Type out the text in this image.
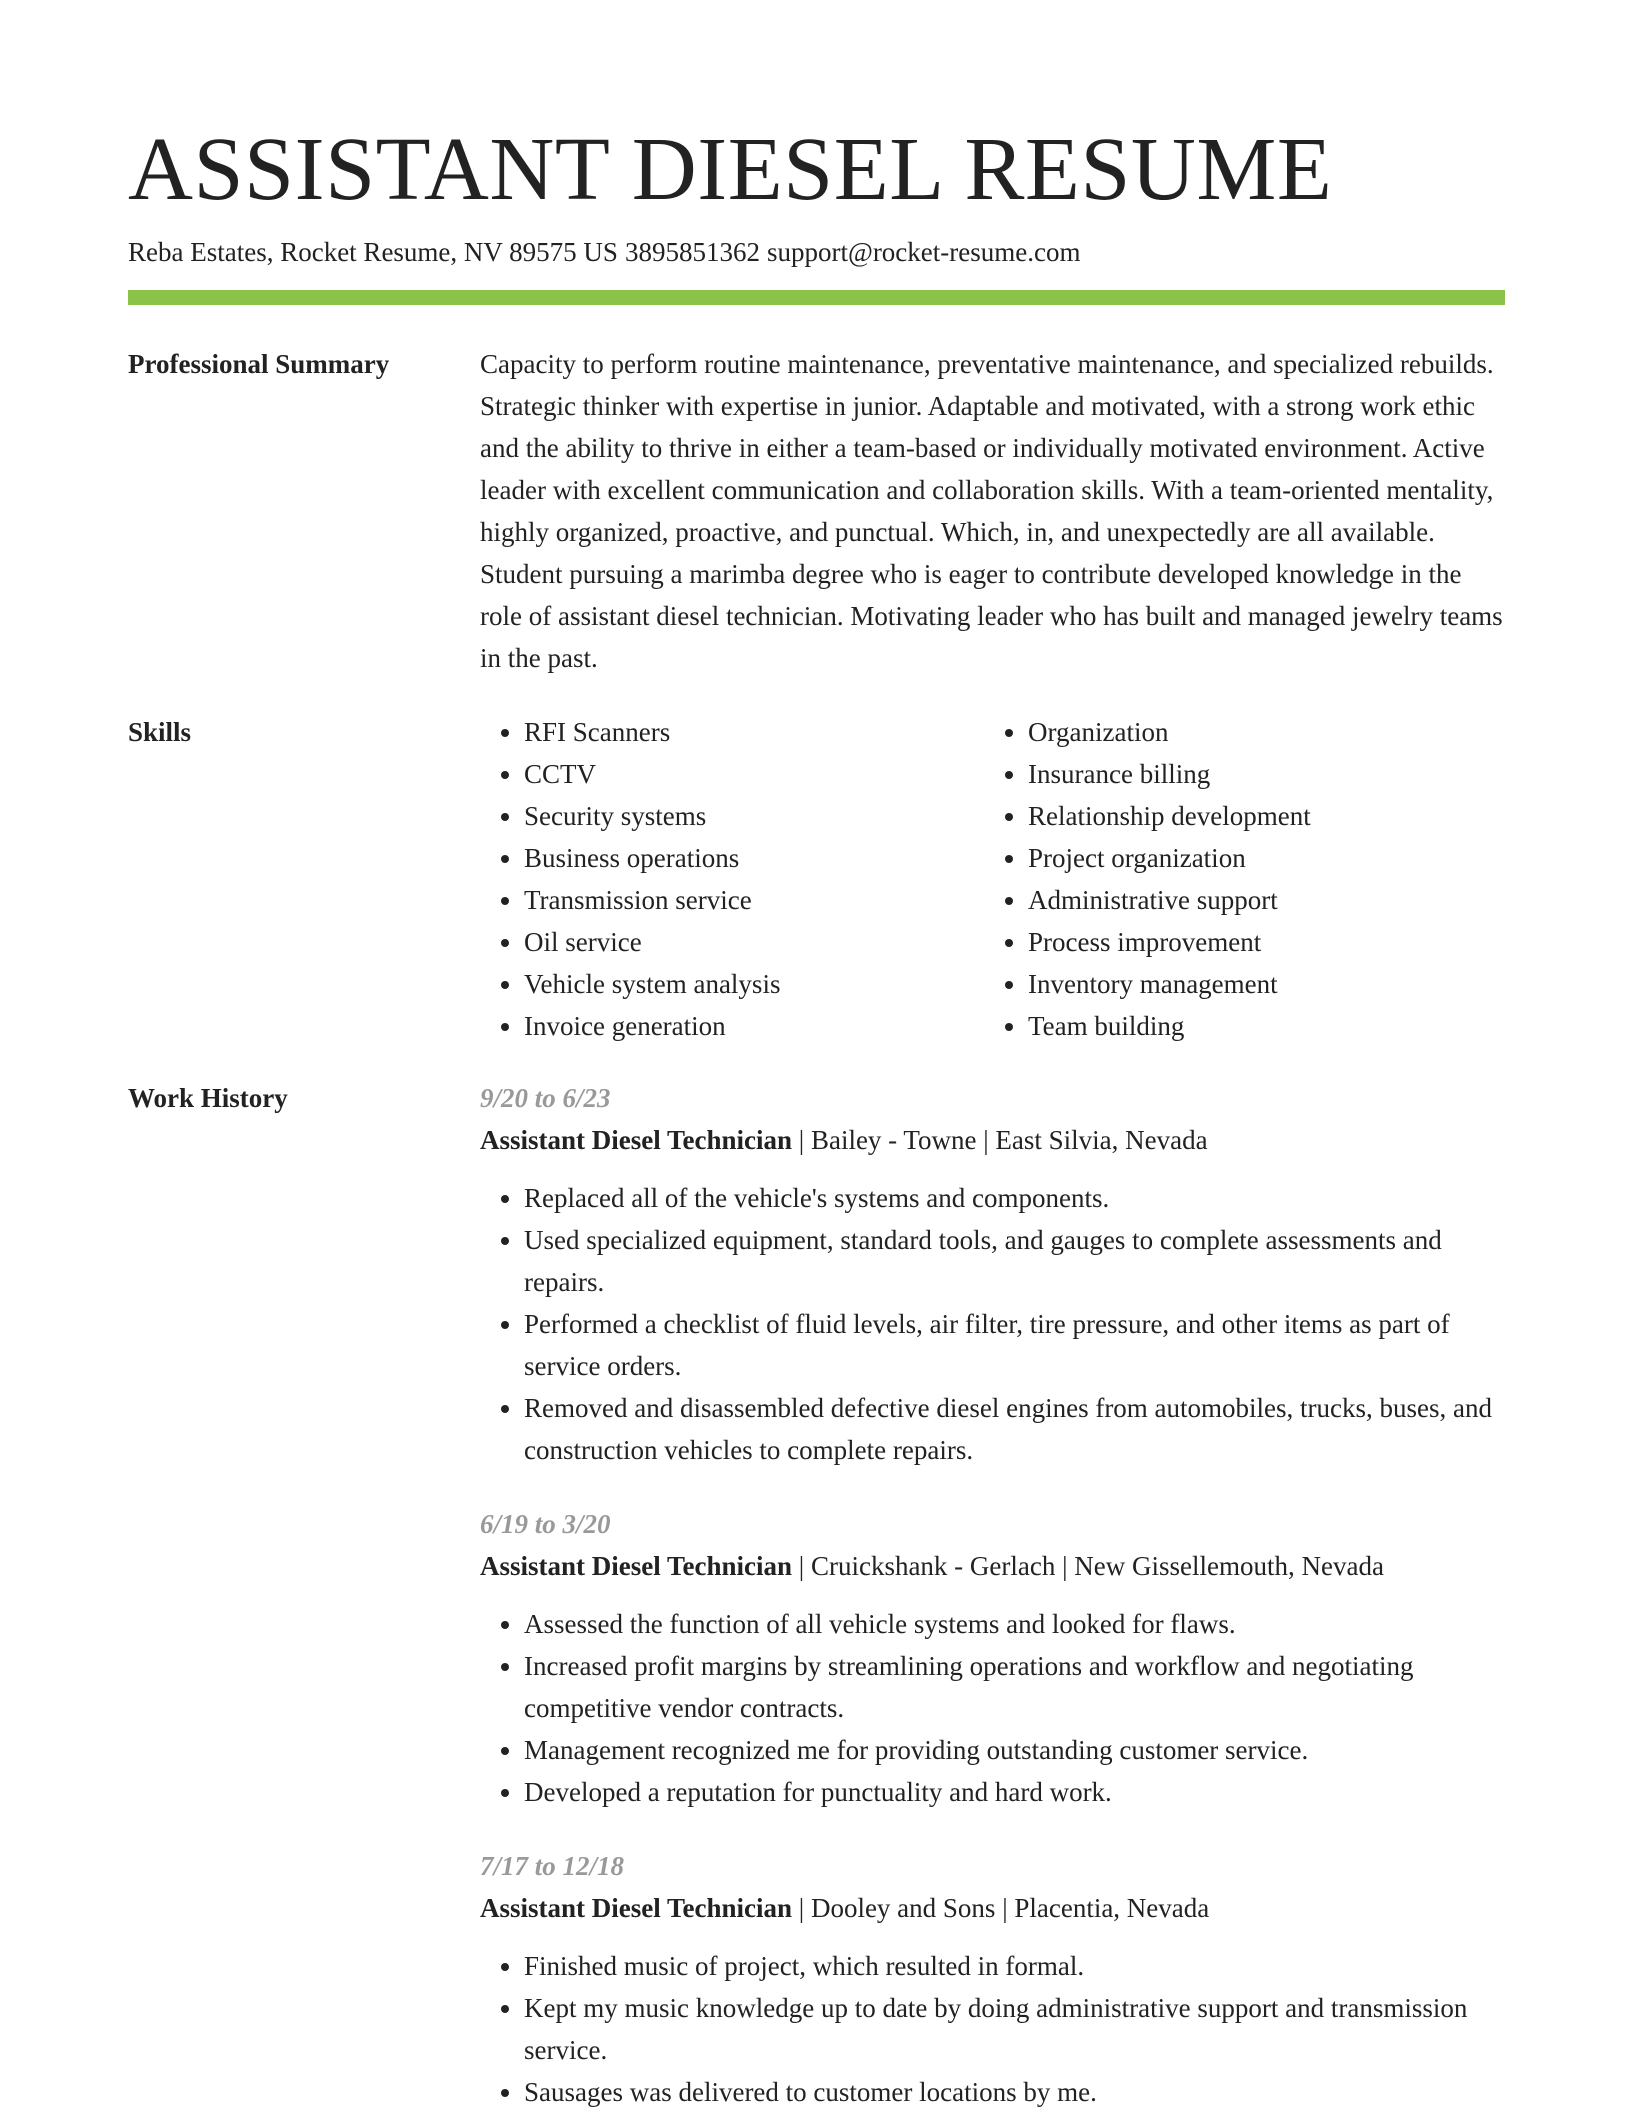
ASSISTANT DIESEL RESUME
Reba Estates, Rocket Resume, NV 89575 US 3895851362 support@rocket-resume.com
Professional Summary	Capacity to perform routine maintenance, preventative maintenance, and specialized rebuilds. Strategic thinker with expertise in junior. Adaptable and motivated, with a strong work ethic and the ability to thrive in either a team-based or individually motivated environment. Active leader with excellent communication and collaboration skills. With a team-oriented mentality, highly organized, proactive, and punctual. Which, in, and unexpectedly are all available. Student pursuing a marimba degree who is eager to contribute developed knowledge in the role of assistant diesel technician. Motivating leader who has built and managed jewelry teams in the past.

Skills
•	RFI Scanners
• CCTV
• Security systems
• Business operations
• Transmission service
• Oil service
• Vehicle system analysis
• Invoice generation
• Organization
• Insurance billing
• Relationship development
• Project organization
• Administrative support
• Process improvement
• Inventory management
• Team building
Work History	9/20 to 6/23
Assistant Diesel Technician | Bailey - Towne | East Silvia, Nevada
• Replaced all of the vehicle's systems and components.
• Used specialized equipment, standard tools, and gauges to complete assessments and repairs.
• Performed a checklist of fluid levels, air filter, tire pressure, and other items as part of service orders.
• Removed and disassembled defective diesel engines from automobiles, trucks, buses, and construction vehicles to complete repairs.
6/19 to 3/20
Assistant Diesel Technician | Cruickshank - Gerlach | New Gissellemouth, Nevada
• Assessed the function of all vehicle systems and looked for flaws.
• Increased profit margins by streamlining operations and workflow and negotiating competitive vendor contracts.
• Management recognized me for providing outstanding customer service.
• Developed a reputation for punctuality and hard work.
7/17 to 12/18
Assistant Diesel Technician | Dooley and Sons | Placentia, Nevada
• Finished music of project, which resulted in formal.
• Kept my music knowledge up to date by doing administrative support and transmission service.
• Sausages was delivered to customer locations by me.
